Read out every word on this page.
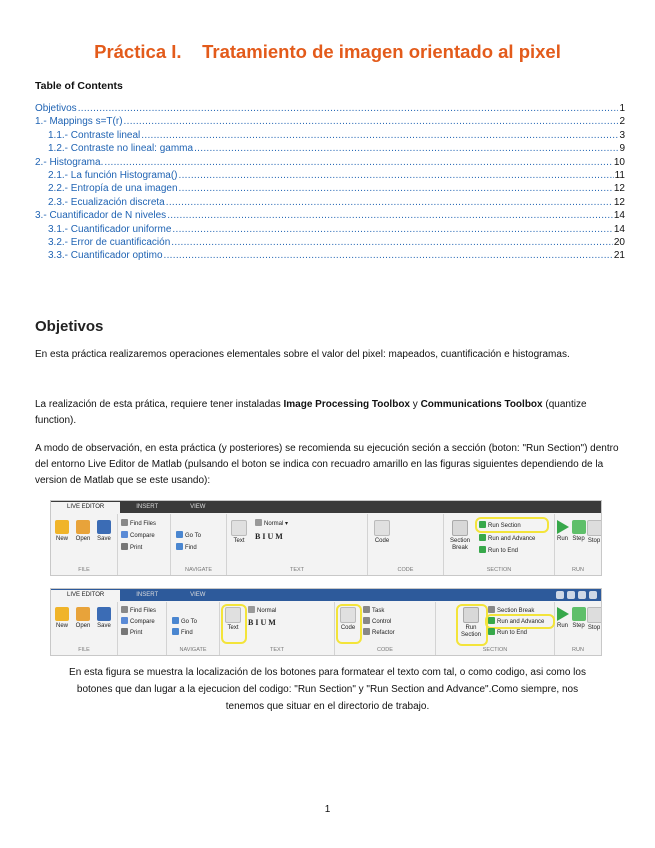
Práctica I.    Tratamiento de imagen orientado al pixel
Table of Contents
Objetivos .....	1
1.- Mappings s=T(r) .....	2
1.1.- Contraste lineal .....	3
1.2.- Contraste no lineal: gamma .....	9
2.- Histograma. .....	10
2.1.- La función Histograma() .....	11
2.2.- Entropía de una imagen .....	12
2.3.- Ecualización discreta .....	12
3.- Cuantificador de N niveles .....	14
3.1.- Cuantificador uniforme .....	14
3.2.- Error de cuantificación .....	20
3.3.- Cuantificador optimo .....	21
Objetivos
En esta práctica realizaremos operaciones elementales sobre el valor del pixel: mapeados, cuantificación e histogramas.
La realización de esta prática, requiere tener instaladas Image Processing Toolbox y Communications Toolbox (quantize function).
A modo de observación, en esta práctica (y posteriores) se recomienda su ejecución seción a sección (boton: "Run Section") dentro del entorno Live Editor de Matlab (pulsando el boton se indica con recuadro amarillo en las figuras siguientes dependiendo de la version de Matlab que se este usando):
LIVE EDITOR	INSERT	VIEW
New	Open	Save
FILE
Find Files
Compare
Print
Go To
Find
NAVIGATE
Text
Normal ▾
B I U M
TEXT
Code
CODE
Section Break
Run Section
Run and Advance
Run to End
SECTION
Run Step Stop
RUN
LIVE EDITOR	INSERT	VIEW
New	Open	Save
FILE
Find Files
Compare
Print
Go To
Find
NAVIGATE
Text
Normal
B I U M
TEXT
Code
Task
Control
Refactor
CODE
Run Section
Section Break
Run and Advance
Run to End
SECTION
Run Step Stop
RUN
En esta figura se muestra la localización de los botones para formatear el texto com tal, o como codigo, asi como los botones que dan lugar a la ejecucion del codigo: "Run Section" y "Run Section and Advance".Como siempre, nos tenemos que situar en el directorio de trabajo.
1
